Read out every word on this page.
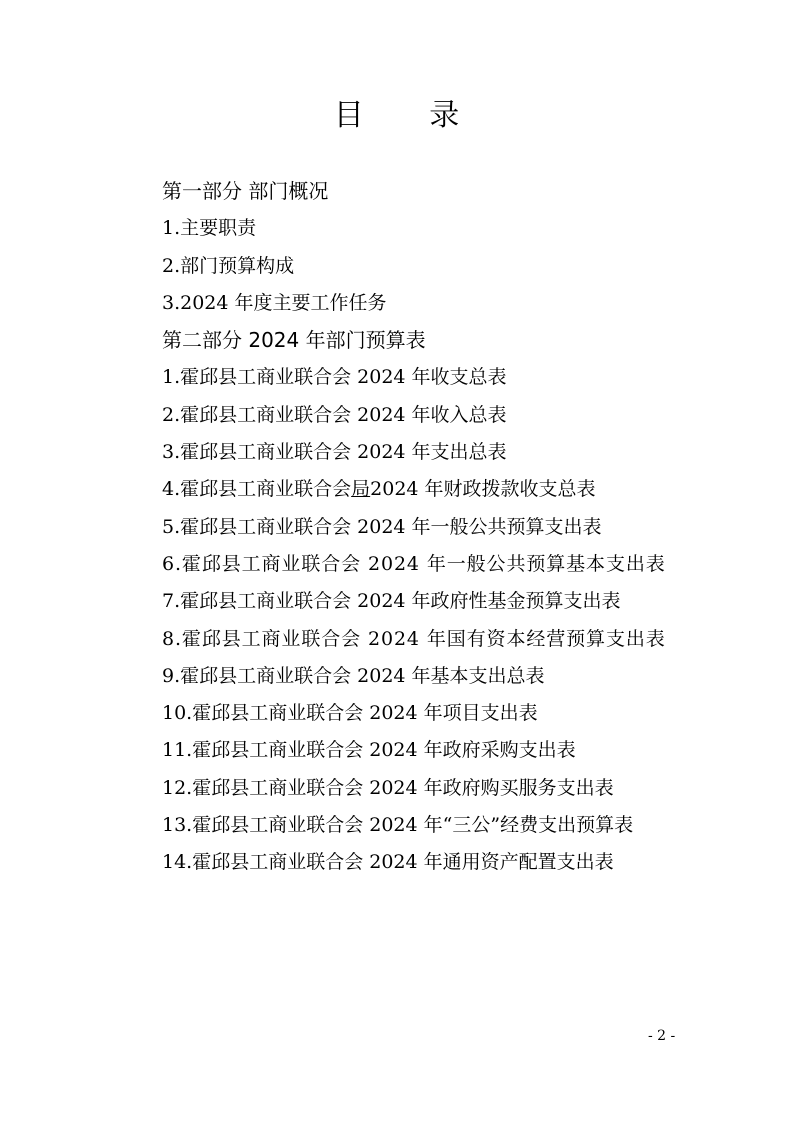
目 录
第一部分 部门概况
1.主要职责
2.部门预算构成
3.2024 年度主要工作任务
第二部分 2024 年部门预算表
1.霍邱县工商业联合会 2024 年收支总表
2.霍邱县工商业联合会 2024 年收入总表
3.霍邱县工商业联合会 2024 年支出总表
4.霍邱县工商业联合会局2024 年财政拨款收支总表
5.霍邱县工商业联合会 2024 年一般公共预算支出表
6.霍邱县工商业联合会 2024 年一般公共预算基本支出表
7.霍邱县工商业联合会 2024 年政府性基金预算支出表
8.霍邱县工商业联合会 2024 年国有资本经营预算支出表
9.霍邱县工商业联合会 2024 年基本支出总表
10.霍邱县工商业联合会 2024 年项目支出表
11.霍邱县工商业联合会 2024 年政府采购支出表
12.霍邱县工商业联合会 2024 年政府购买服务支出表
13.霍邱县工商业联合会 2024 年“三公”经费支出预算表
14.霍邱县工商业联合会 2024 年通用资产配置支出表
- 2 -
